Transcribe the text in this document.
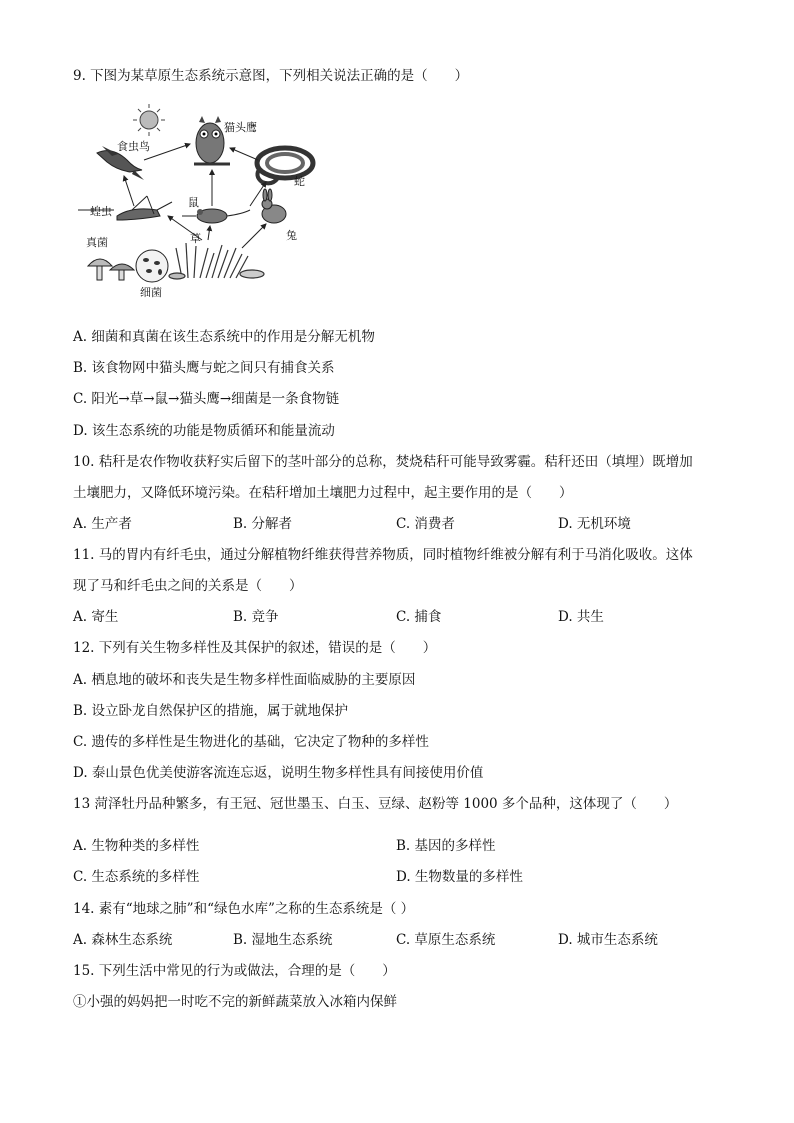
9. 下图为某草原生态系统示意图，下列相关说法正确的是（　　）
猫头鹰
食虫鸟
蛇
蝗虫
鼠
兔
草
真菌
细菌
A. 细菌和真菌在该生态系统中的作用是分解无机物
B. 该食物网中猫头鹰与蛇之间只有捕食关系
C. 阳光→草→鼠→猫头鹰→细菌是一条食物链
D. 该生态系统的功能是物质循环和能量流动
10. 秸秆是农作物收获籽实后留下的茎叶部分的总称，焚烧秸秆可能导致雾霾。秸秆还田（填埋）既增加
土壤肥力，又降低环境污染。在秸秆增加土壤肥力过程中，起主要作用的是（　　）
A. 生产者	B. 分解者	C. 消费者	D. 无机环境
11. 马的胃内有纤毛虫，通过分解植物纤维获得营养物质，同时植物纤维被分解有利于马消化吸收。这体
现了马和纤毛虫之间的关系是（　　）
A. 寄生	B. 竞争	C. 捕食	D. 共生
12. 下列有关生物多样性及其保护的叙述，错误的是（　　）
A. 栖息地的破坏和丧失是生物多样性面临威胁的主要原因
B. 设立卧龙自然保护区的措施，属于就地保护
C. 遗传的多样性是生物进化的基础，它决定了物种的多样性
D. 泰山景色优美使游客流连忘返，说明生物多样性具有间接使用价值
13 菏泽牡丹品种繁多，有王冠、冠世墨玉、白玉、豆绿、赵粉等 1000 多个品种，这体现了（　　）
A. 生物种类的多样性	B. 基因的多样性
C. 生态系统的多样性	D. 生物数量的多样性
14. 素有“地球之肺”和“绿色水库”之称的生态系统是（ ）
A. 森林生态系统	B. 湿地生态系统	C. 草原生态系统	D. 城市生态系统
15. 下列生活中常见的行为或做法，合理的是（　　）
①小强的妈妈把一时吃不完的新鲜蔬菜放入冰箱内保鲜
